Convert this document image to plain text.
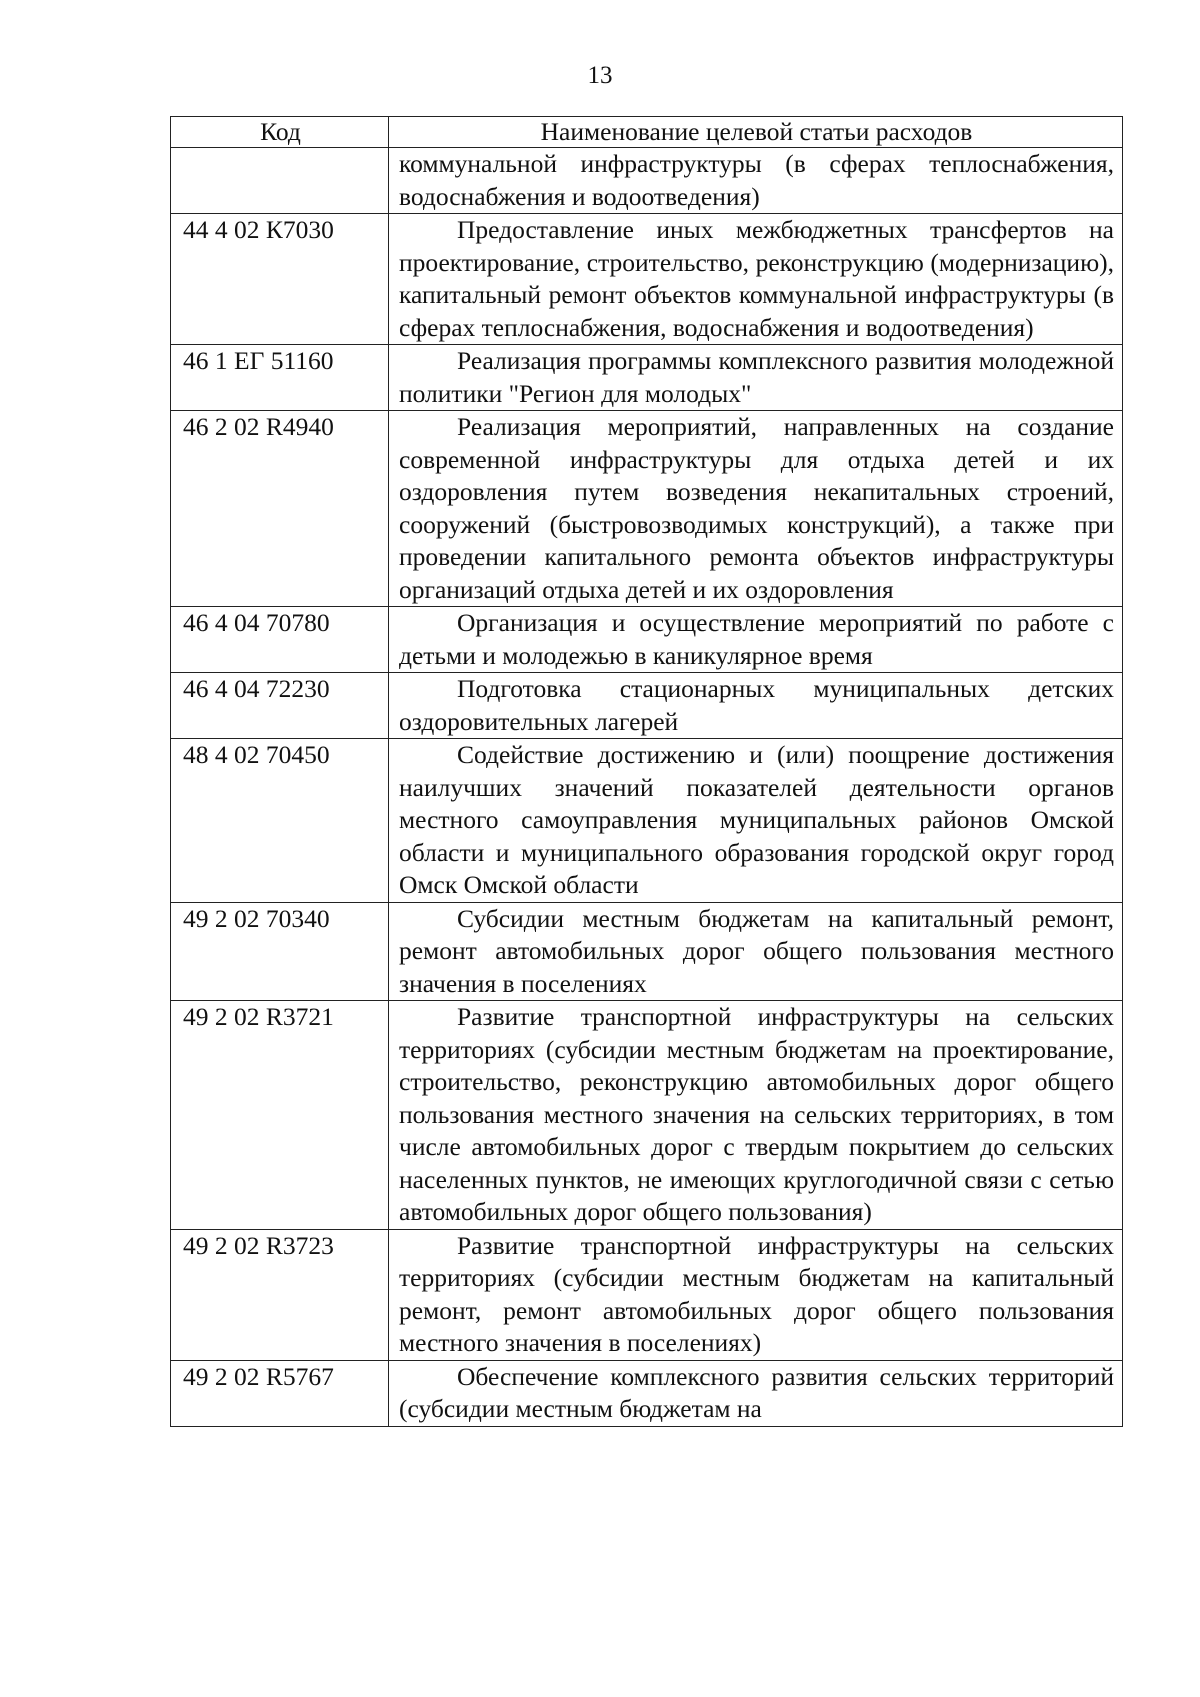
13
Код	Наименование целевой статьи расходов

	коммунальной инфраструктуры (в сферах теплоснабжения, водоснабжения и водоотведения)

44 4 02 К7030	Предоставление иных межбюджетных трансфертов на проектирование, строительство, реконструкцию (модернизацию), капитальный ремонт объектов коммунальной инфраструктуры (в сферах теплоснабжения, водоснабжения и водоотведения)

46 1 ЕГ 51160	Реализация программы комплексного развития молодежной политики "Регион для молодых"

46 2 02 R4940	Реализация мероприятий, направленных на создание современной инфраструктуры для отдыха детей и их оздоровления путем возведения некапитальных строений, сооружений (быстровозводимых конструкций), а также при проведении капитального ремонта объектов инфраструктуры организаций отдыха детей и их оздоровления

46 4 04 70780	Организация и осуществление мероприятий по работе с детьми и молодежью в каникулярное время

46 4 04 72230	Подготовка стационарных муниципальных детских оздоровительных лагерей

48 4 02 70450	Содействие достижению и (или) поощрение достижения наилучших значений показателей деятельности органов местного самоуправления муниципальных районов Омской области и муниципального образования городской округ город Омск Омской области

49 2 02 70340	Субсидии местным бюджетам на капитальный ремонт, ремонт автомобильных дорог общего пользования местного значения в поселениях

49 2 02 R3721	Развитие транспортной инфраструктуры на сельских территориях (субсидии местным бюджетам на проектирование, строительство, реконструкцию автомобильных дорог общего пользования местного значения на сельских территориях, в том числе автомобильных дорог с твердым покрытием до сельских населенных пунктов, не имеющих круглогодичной связи с сетью автомобильных дорог общего пользования)

49 2 02 R3723	Развитие транспортной инфраструктуры на сельских территориях (субсидии местным бюджетам на капитальный ремонт, ремонт автомобильных дорог общего пользования местного значения в поселениях)

49 2 02 R5767	Обеспечение комплексного развития сельских территорий (субсидии местным бюджетам на
